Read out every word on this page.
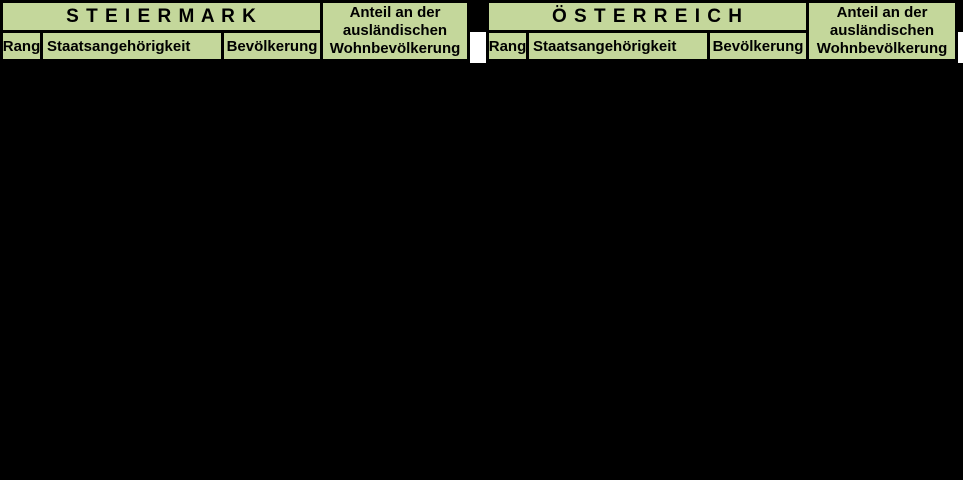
S T E I E R M A R K	Anteil an der
ausländischen
Wohnbevölkerung
Rang Staatsangehörigkeit	Bevölkerung
Ö S T E R R E I C H	Anteil an der
ausländischen
Wohnbevölkerung
Rang Staatsangehörigkeit	Bevölkerung
